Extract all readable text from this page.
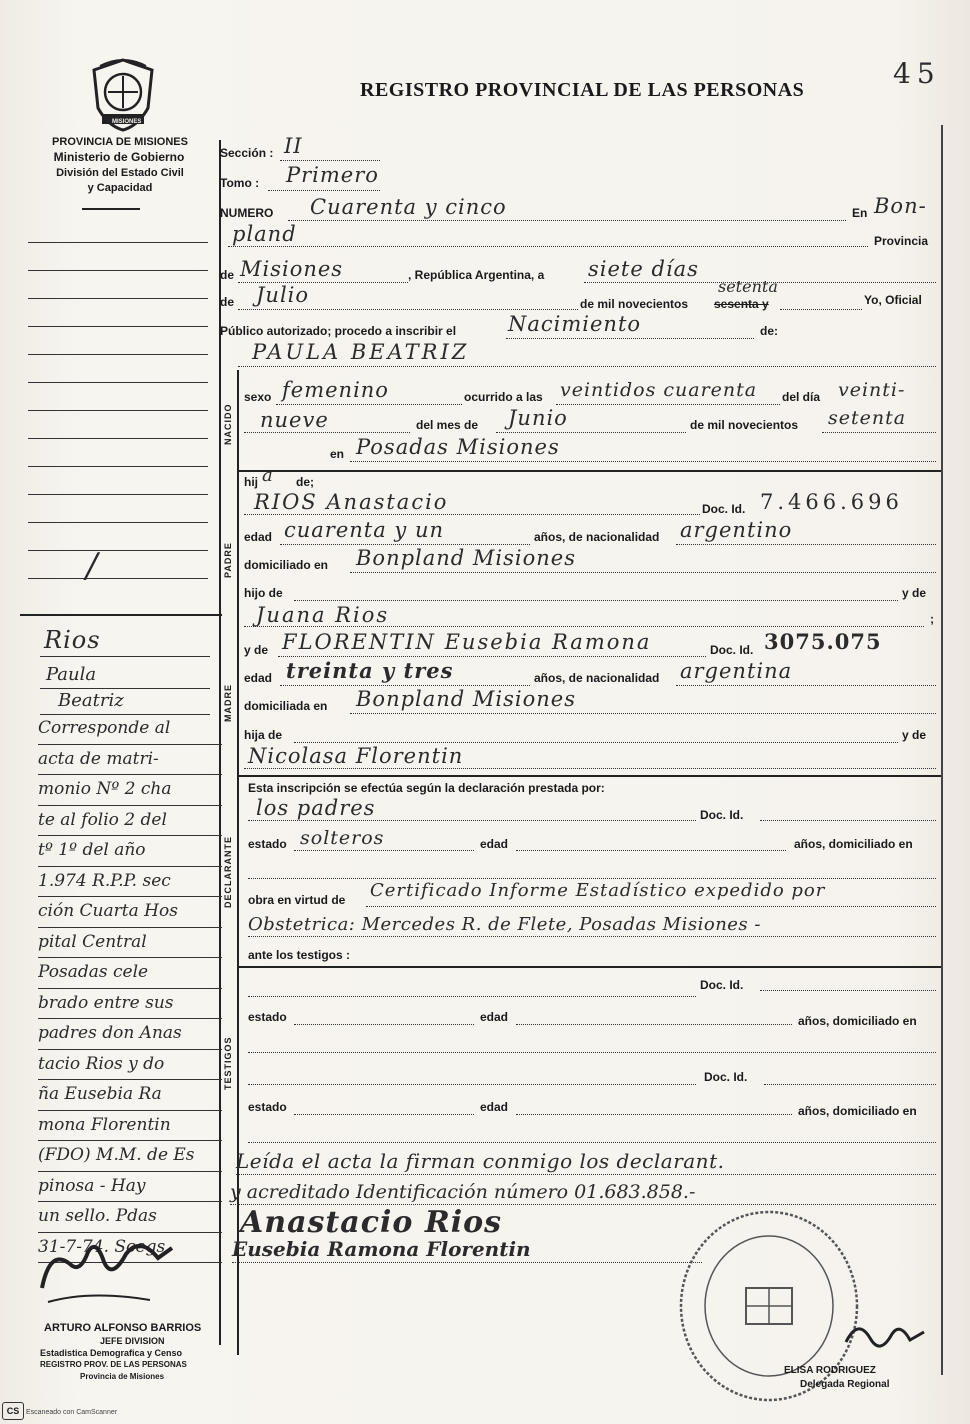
MISIONES
PROVINCIA DE MISIONES
Ministerio de Gobierno
División del Estado Civil
y Capacidad
REGISTRO PROVINCIAL DE LAS PERSONAS	45
Sección : II
Tomo : Primero
NUMERO Cuarenta y cinco	En Bon-
pland	Provincia
de Misiones	, República Argentina, a siete días
de Julio	de mil novecientos sesenta y
setenta
Yo, Oficial
Público autorizado; procedo a inscribir el Nacimiento	de:
PAULA BEATRIZ
NACIDO
sexo femenino	ocurrido a las veintidos cuarenta del día veinti-
nueve	del mes de Junio	de mil novecientos setenta
en Posadas Misiones
hij a de;
PADRE
RIOS Anastacio	Doc. Id. 7.466.696
edad cuarenta y un	años, de nacionalidad argentino
domiciliado en Bonpland Misiones
hijo de	y de
Juana Rios	;
MADRE
y de FLORENTIN Eusebia Ramona	Doc. Id. 3075.075
edad treinta y tres	años, de nacionalidad argentina
domiciliada en Bonpland Misiones
hija de
Nicolasa Florentin
y de
DECLARANTE
Esta inscripción se efectúa según la declaración prestada por:
los padres	Doc. Id.
estado solteros	edad	años, domiciliado en
obra en virtud de Certificado Informe Estadístico expedido por
Obstetrica: Mercedes R. de Flete, Posadas Misiones -
ante los testigos :
TESTIGOS
Doc. Id.
estado	edad	años, domiciliado en
Doc. Id.
estado	edad	años, domiciliado en
Leída el acta la firman conmigo los declarant.
y acreditado Identificación número 01.683.858.-
Anastacio Rios
Eusebia Ramona Florentin
ELISA RODRIGUEZ
Delegada Regional
/
Rios
Paula
Beatriz
Corresponde al
acta de matri-
monio Nº 2 cha
te al folio 2 del
tº 1º del año
1.974 R.P.P. sec
ción Cuarta Hos
pital Central
Posadas cele
brado entre sus
padres don Anas
tacio Rios y do
ña Eusebia Ra
mona Florentin
(FDO) M.M. de Es
pinosa - Hay
un sello. Pdas
31-7-74. Scegs
ARTURO ALFONSO BARRIOS
JEFE DIVISION
Estadistica Demografica y Censo
REGISTRO PROV. DE LAS PERSONAS
Provincia de Misiones
CS Escaneado con CamScanner
